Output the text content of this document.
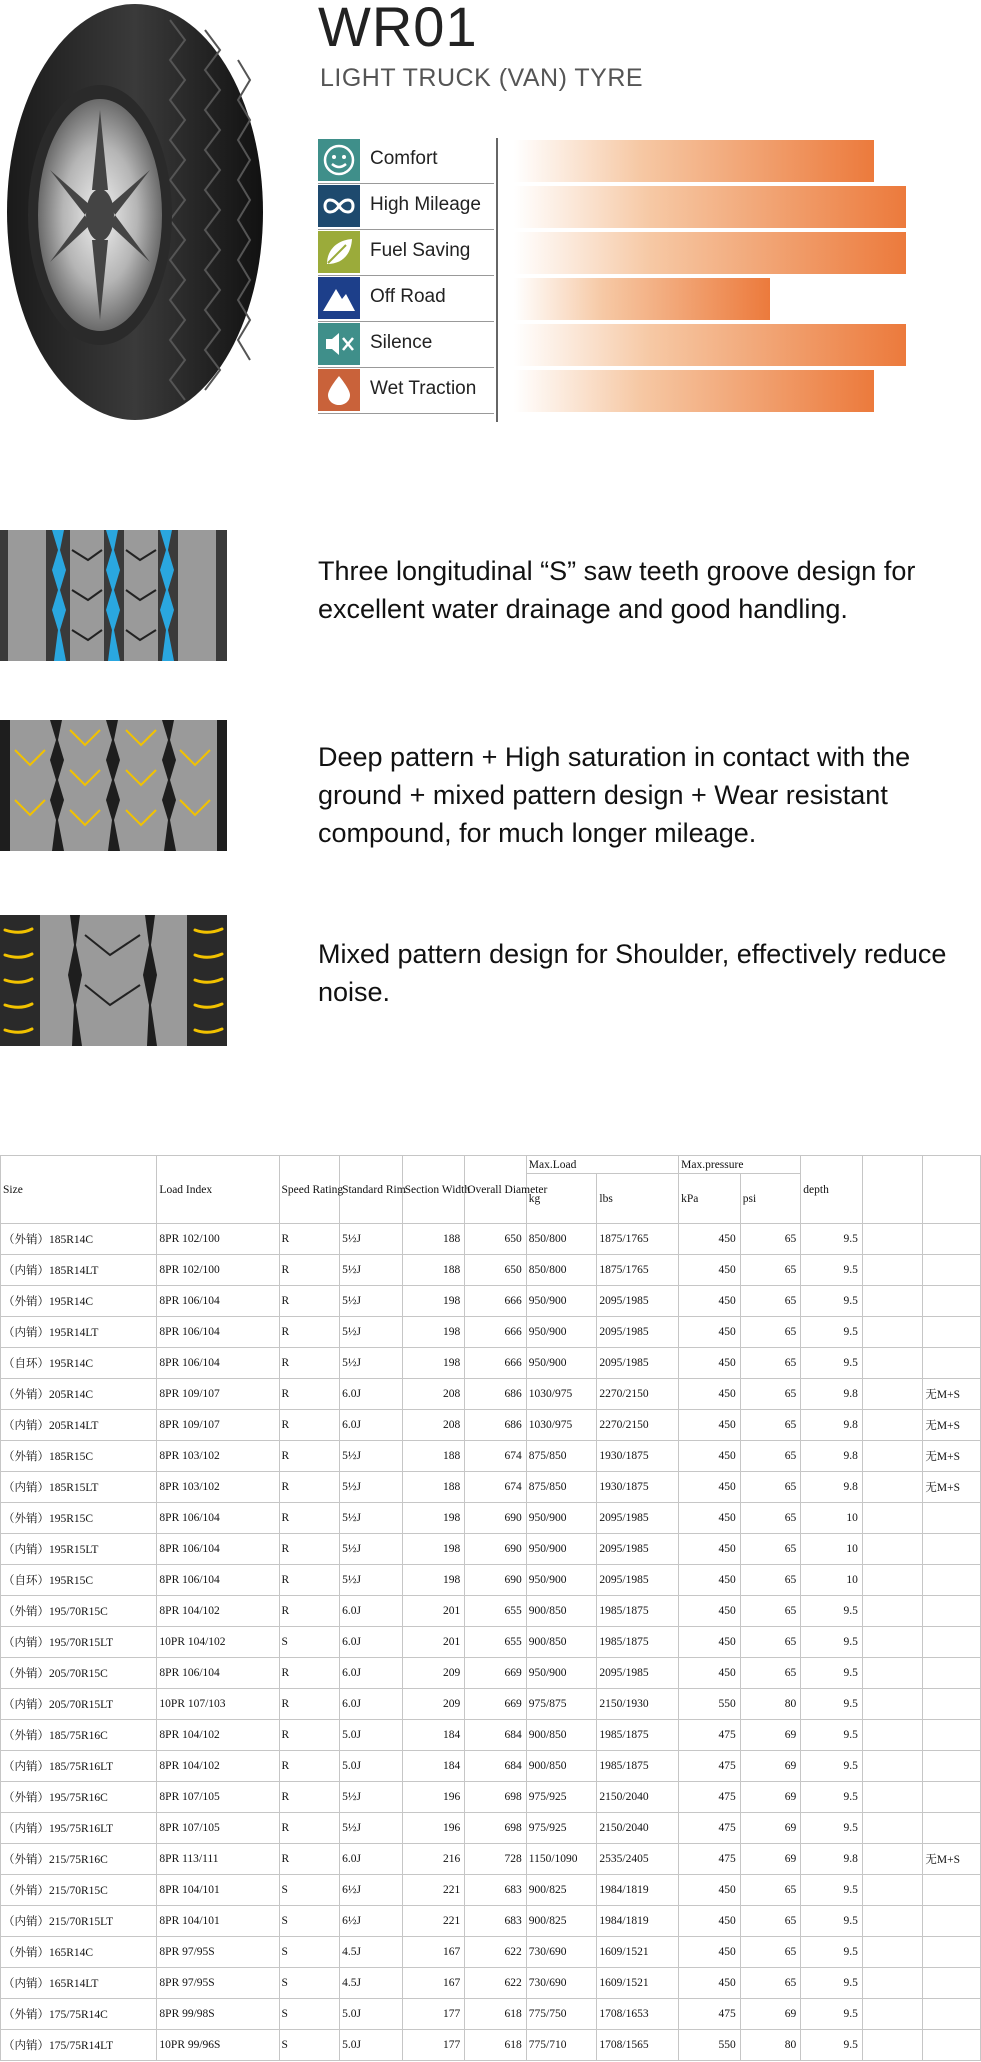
WR01
LIGHT TRUCK (VAN) TYRE
Comfort
High Mileage
Fuel Saving
Off Road
Silence
Wet Traction
Three longitudinal “S” saw teeth groove design for excellent water drainage and good handling.
Deep pattern + High saturation in contact with the ground + mixed pattern design + Wear resistant compound, for much longer mileage.
Mixed pattern design for Shoulder, effectively reduce noise.
Size	Load Index	Speed Rating	Standard Rim	Section Width	Overall Diameter	Max.Load		Max.pressure		depth		
						kg	lbs	kPa	psi			
（外销）185R14C	8PR 102/100	R	5½J	188	650	850/800	1875/1765	450	65	9.5		
（内销）185R14LT	8PR 102/100	R	5½J	188	650	850/800	1875/1765	450	65	9.5		
（外销）195R14C	8PR 106/104	R	5½J	198	666	950/900	2095/1985	450	65	9.5		
（内销）195R14LT	8PR 106/104	R	5½J	198	666	950/900	2095/1985	450	65	9.5		
（自环）195R14C	8PR 106/104	R	5½J	198	666	950/900	2095/1985	450	65	9.5		
（外销）205R14C	8PR 109/107	R	6.0J	208	686	1030/975	2270/2150	450	65	9.8		无M+S
（内销）205R14LT	8PR 109/107	R	6.0J	208	686	1030/975	2270/2150	450	65	9.8		无M+S
（外销）185R15C	8PR 103/102	R	5½J	188	674	875/850	1930/1875	450	65	9.8		无M+S
（内销）185R15LT	8PR 103/102	R	5½J	188	674	875/850	1930/1875	450	65	9.8		无M+S
（外销）195R15C	8PR 106/104	R	5½J	198	690	950/900	2095/1985	450	65	10		
（内销）195R15LT	8PR 106/104	R	5½J	198	690	950/900	2095/1985	450	65	10		
（自环）195R15C	8PR 106/104	R	5½J	198	690	950/900	2095/1985	450	65	10		
（外销）195/70R15C	8PR 104/102	R	6.0J	201	655	900/850	1985/1875	450	65	9.5		
（内销）195/70R15LT	10PR 104/102	S	6.0J	201	655	900/850	1985/1875	450	65	9.5		
（外销）205/70R15C	8PR 106/104	R	6.0J	209	669	950/900	2095/1985	450	65	9.5		
（内销）205/70R15LT	10PR 107/103	R	6.0J	209	669	975/875	2150/1930	550	80	9.5		
（外销）185/75R16C	8PR 104/102	R	5.0J	184	684	900/850	1985/1875	475	69	9.5		
（内销）185/75R16LT	8PR 104/102	R	5.0J	184	684	900/850	1985/1875	475	69	9.5		
（外销）195/75R16C	8PR 107/105	R	5½J	196	698	975/925	2150/2040	475	69	9.5		
（内销）195/75R16LT	8PR 107/105	R	5½J	196	698	975/925	2150/2040	475	69	9.5		
（外销）215/75R16C	8PR 113/111	R	6.0J	216	728	1150/1090	2535/2405	475	69	9.8		无M+S
（外销）215/70R15C	8PR 104/101	S	6½J	221	683	900/825	1984/1819	450	65	9.5		
（内销）215/70R15LT	8PR 104/101	S	6½J	221	683	900/825	1984/1819	450	65	9.5		
（外销）165R14C	8PR 97/95S	S	4.5J	167	622	730/690	1609/1521	450	65	9.5		
（内销）165R14LT	8PR 97/95S	S	4.5J	167	622	730/690	1609/1521	450	65	9.5		
（外销）175/75R14C	8PR 99/98S	S	5.0J	177	618	775/750	1708/1653	475	69	9.5		
（内销）175/75R14LT	10PR 99/96S	S	5.0J	177	618	775/710	1708/1565	550	80	9.5		
